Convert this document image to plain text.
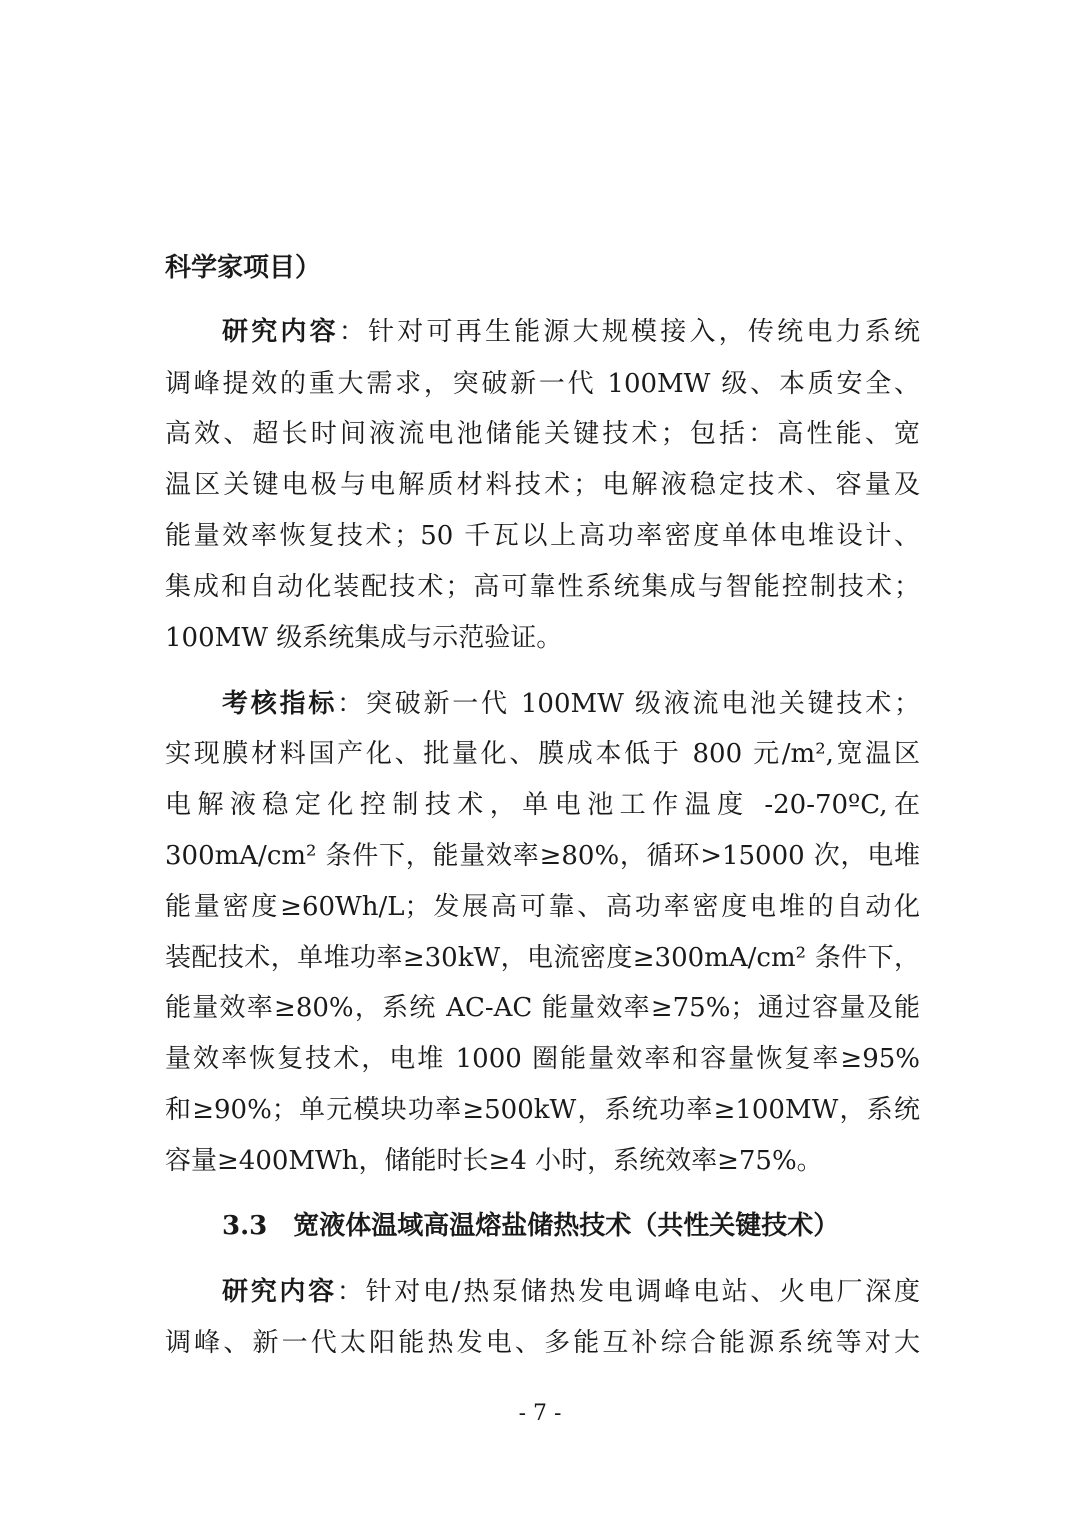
科学家项目）
研究内容：针对可再生能源大规模接入，传统电力系统
调峰提效的重大需求，突破新一代 100MW 级、本质安全、
高效、超长时间液流电池储能关键技术；包括：高性能、宽
温区关键电极与电解质材料技术；电解液稳定技术、容量及
能量效率恢复技术；50 千瓦以上高功率密度单体电堆设计、
集成和自动化装配技术；高可靠性系统集成与智能控制技术；
100MW 级系统集成与示范验证。
考核指标：突破新一代 100MW 级液流电池关键技术；
实现膜材料国产化、批量化、膜成本低于 800 元/m²,宽温区
电解液稳定化控制技术，单电池工作温度 -20-70ºC,在
300mA/cm² 条件下，能量效率≥80%，循环>15000 次，电堆
能量密度≥60Wh/L；发展高可靠、高功率密度电堆的自动化
装配技术，单堆功率≥30kW，电流密度≥300mA/cm² 条件下，
能量效率≥80%，系统 AC-AC 能量效率≥75%；通过容量及能
量效率恢复技术，电堆 1000 圈能量效率和容量恢复率≥95%
和≥90%；单元模块功率≥500kW，系统功率≥100MW，系统
容量≥400MWh，储能时长≥4 小时，系统效率≥75%。
3.3　宽液体温域高温熔盐储热技术（共性关键技术）
研究内容：针对电/热泵储热发电调峰电站、火电厂深度
调峰、新一代太阳能热发电、多能互补综合能源系统等对大
- 7 -
